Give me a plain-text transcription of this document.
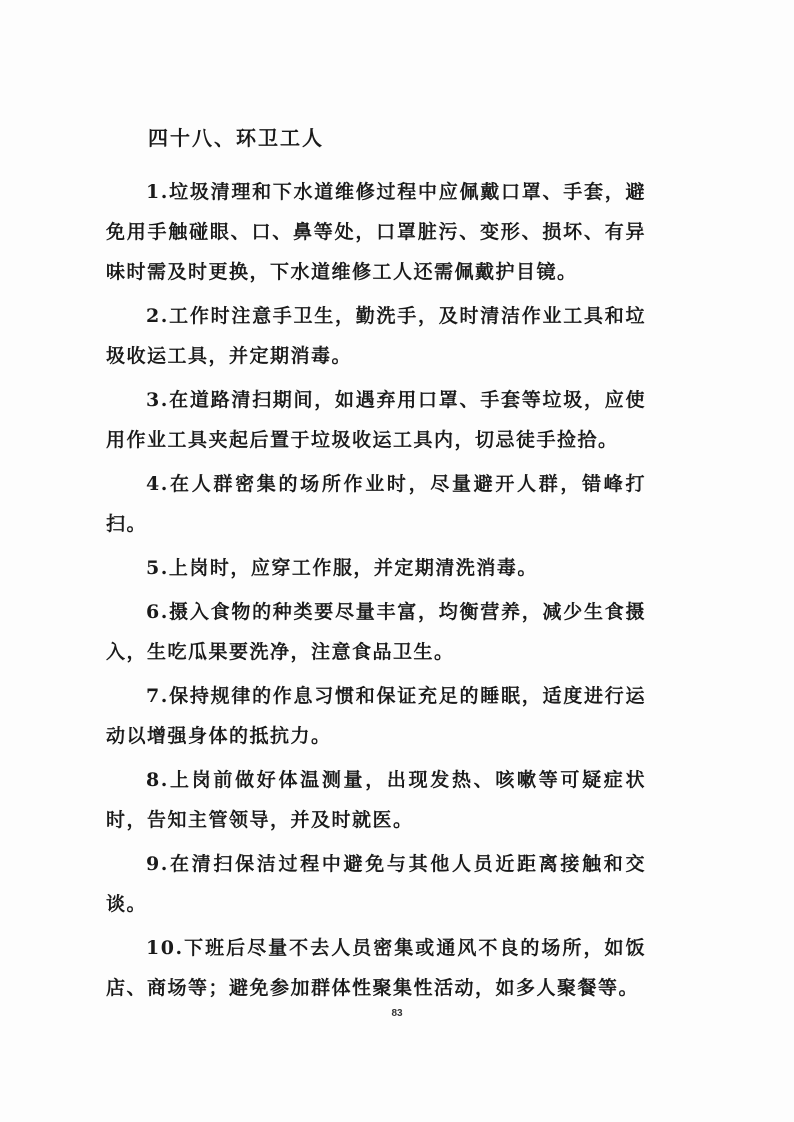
四十八、环卫工人

1.垃圾清理和下水道维修过程中应佩戴口罩、手套，避免用手触碰眼、口、鼻等处，口罩脏污、变形、损坏、有异味时需及时更换，下水道维修工人还需佩戴护目镜。

2.工作时注意手卫生，勤洗手，及时清洁作业工具和垃圾收运工具，并定期消毒。

3.在道路清扫期间，如遇弃用口罩、手套等垃圾，应使用作业工具夹起后置于垃圾收运工具内，切忌徒手捡拾。

4.在人群密集的场所作业时，尽量避开人群，错峰打扫。

5.上岗时，应穿工作服，并定期清洗消毒。

6.摄入食物的种类要尽量丰富，均衡营养，减少生食摄入，生吃瓜果要洗净，注意食品卫生。

7.保持规律的作息习惯和保证充足的睡眠，适度进行运动以增强身体的抵抗力。

8.上岗前做好体温测量，出现发热、咳嗽等可疑症状时，告知主管领导，并及时就医。

9.在清扫保洁过程中避免与其他人员近距离接触和交谈。

10.下班后尽量不去人员密集或通风不良的场所，如饭店、商场等；避免参加群体性聚集性活动，如多人聚餐等。

83
